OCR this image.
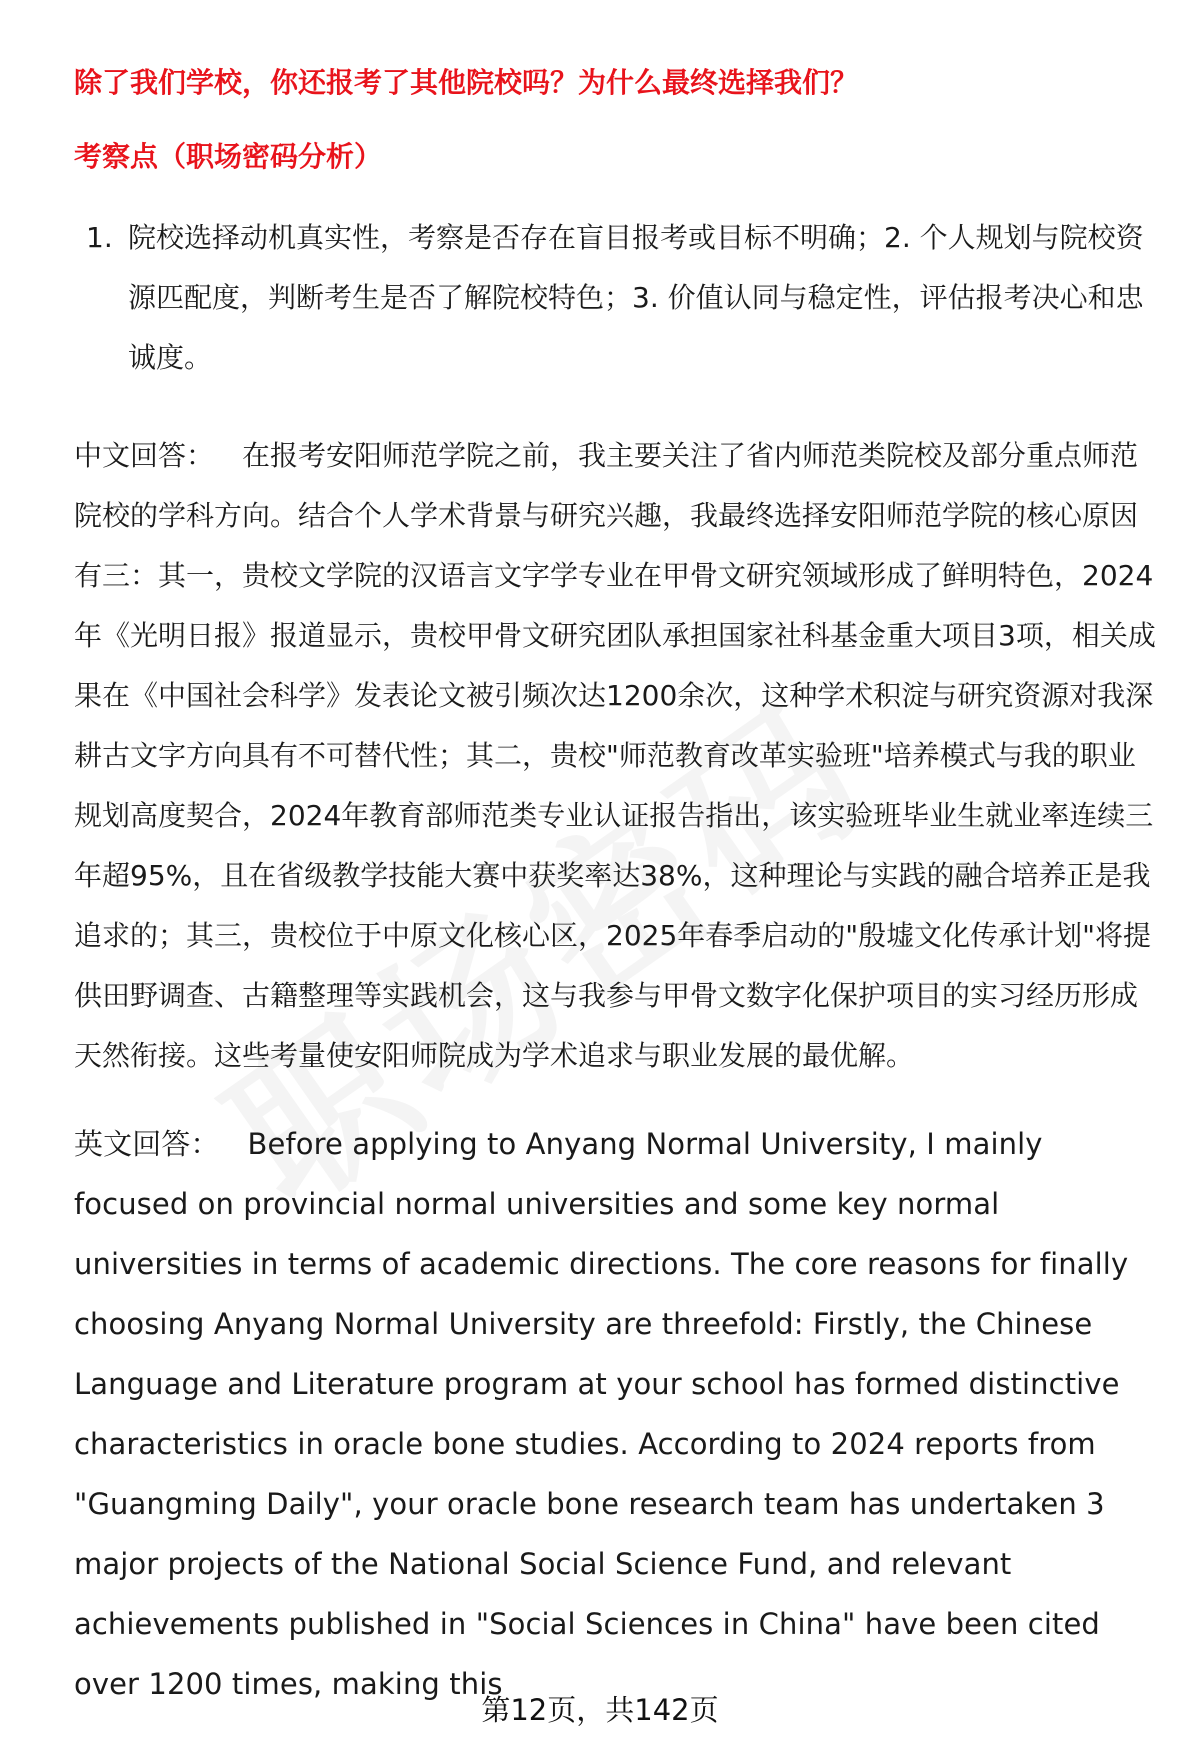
除了我们学校，你还报考了其他院校吗？为什么最终选择我们？
考察点（职场密码分析）
1. 院校选择动机真实性，考察是否存在盲目报考或目标不明确；2. 个人规划与院校资源匹配度，判断考生是否了解院校特色；3. 价值认同与稳定性，评估报考决心和忠诚度。

中文回答： 在报考安阳师范学院之前，我主要关注了省内师范类院校及部分重点师范院校的学科方向。结合个人学术背景与研究兴趣，我最终选择安阳师范学院的核心原因有三：其一，贵校文学院的汉语言文字学专业在甲骨文研究领域形成了鲜明特色，2024年《光明日报》报道显示，贵校甲骨文研究团队承担国家社科基金重大项目3项，相关成果在《中国社会科学》发表论文被引频次达1200余次，这种学术积淀与研究资源对我深耕古文字方向具有不可替代性；其二，贵校"师范教育改革实验班"培养模式与我的职业规划高度契合，2024年教育部师范类专业认证报告指出，该实验班毕业生就业率连续三年超95%，且在省级教学技能大赛中获奖率达38%，这种理论与实践的融合培养正是我追求的；其三，贵校位于中原文化核心区，2025年春季启动的"殷墟文化传承计划"将提供田野调查、古籍整理等实践机会，这与我参与甲骨文数字化保护项目的实习经历形成天然衔接。这些考量使安阳师院成为学术追求与职业发展的最优解。

英文回答： Before applying to Anyang Normal University, I mainly focused on provincial normal universities and some key normal universities in terms of academic directions. The core reasons for finally choosing Anyang Normal University are threefold: Firstly, the Chinese Language and Literature program at your school has formed distinctive characteristics in oracle bone studies. According to 2024 reports from "Guangming Daily", your oracle bone research team has undertaken 3 major projects of the National Social Science Fund, and relevant achievements published in "Social Sciences in China" have been cited over 1200 times, making this

第12页，共142页
